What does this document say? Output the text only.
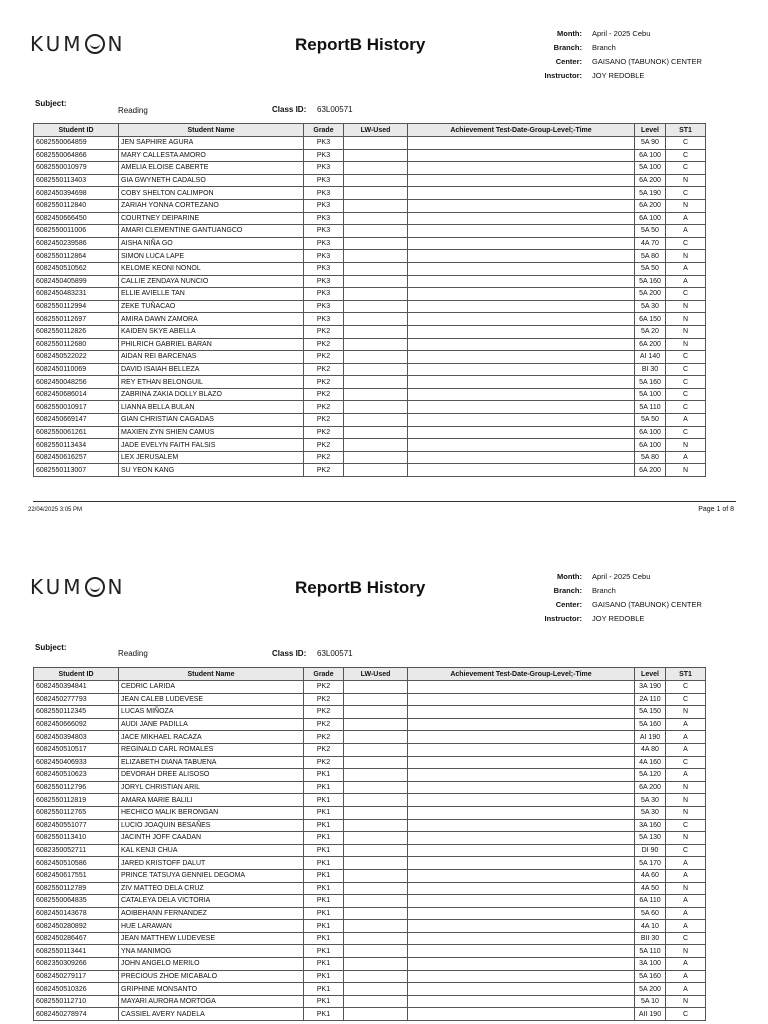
KUM N	ReportB History
Month: April - 2025 Cebu
Branch: Branch
Center: GAISANO (TABUNOK) CENTER
Instructor: JOY REDOBLE
Subject:
Reading	Class ID: 63L00571
Student ID	Student Name	Grade	LW-Used	Achievement Test-Date-Group-Level;-Time	Level	ST1
6082550064859	JEN SAPHIRE AGURA	PK3			5A 90	C
6082550064866	MARY CALLESTA AMORO	PK3			6A 100	C
6082550010979	AMELIA ELOISE CABERTE	PK3			5A 100	C
6082550113403	GIA GWYNETH CADALSO	PK3			6A 200	N
6082450394698	COBY SHELTON CALIMPON	PK3			5A 190	C
6082550112840	ZARIAH YONNA CORTEZANO	PK3			6A 200	N
6082450666450	COURTNEY DEIPARINE	PK3			6A 100	A
6082550011006	AMARI CLEMENTINE GANTUANGCO	PK3			5A 50	A
6082450239586	AISHA NIÑA GO	PK3			4A 70	C
6082550112864	SIMON LUCA LAPE	PK3			5A 80	N
6082450510562	KELOME KEONI NONOL	PK3			5A 50	A
6082450405899	CALLIE ZENDAYA NUNCIO	PK3			5A 160	A
6082450483231	ELLIE AVIELLE TAN	PK3			5A 200	C
6082550112994	ZEKE TUÑACAO	PK3			5A 30	N
6082550112697	AMIRA DAWN ZAMORA	PK3			6A 150	N
6082550112826	KAIDEN SKYE ABELLA	PK2			5A 20	N
6082550112680	PHILRICH GABRIEL BARAN	PK2			6A 200	N
6082450522022	AIDAN REI BARCENAS	PK2			AI 140	C
6082450110069	DAVID ISAIAH BELLEZA	PK2			BI 30	C
6082450048256	REY ETHAN BELONGUIL	PK2			5A 160	C
6082450686014	ZABRINA ZAKIA DOLLY BLAZO	PK2			5A 100	C
6082550010917	LIANNA BELLA BULAN	PK2			5A 110	C
6082450669147	GIAN CHRISTIAN CAGADAS	PK2			5A 50	A
6082550061261	MAXIEN ZYN SHIEN CAMUS	PK2			6A 100	C
6082550113434	JADE EVELYN FAITH FALSIS	PK2			6A 100	N
6082450616257	LEX JERUSALEM	PK2			5A 80	A
6082550113007	SU YEON KANG	PK2			6A 200	N
22/04/2025 3:05 PM	Page 1 of 8
KUM N	ReportB History
Month: April - 2025 Cebu
Branch: Branch
Center: GAISANO (TABUNOK) CENTER
Instructor: JOY REDOBLE
Subject:
Reading	Class ID: 63L00571
Student ID	Student Name	Grade	LW-Used	Achievement Test-Date-Group-Level;-Time	Level	ST1
6082450394841	CEDRIC LARIDA	PK2			3A 190	C
6082450277793	JEAN CALEB LUDEVESE	PK2			2A 110	C
6082550112345	LUCAS MIÑOZA	PK2			5A 150	N
6082450666092	AUDI JANE PADILLA	PK2			5A 160	A
6082450394803	JACE MIKHAEL RACAZA	PK2			AI 190	A
6082450510517	REGINALD CARL ROMALES	PK2			4A 80	A
6082450406933	ELIZABETH DIANA TABUENA	PK2			4A 160	C
6082450510623	DEVORAH DREE ALISOSO	PK1			5A 120	A
6082550112796	JORYL CHRISTIAN ARIL	PK1			6A 200	N
6082550112819	AMARA MARIE BALILI	PK1			5A 30	N
6082550112765	HECHICO MALIK BERONGAN	PK1			5A 30	N
6082450551077	LUCIO JOAQUIN BESAÑES	PK1			3A 160	C
6082550113410	JACINTH JOFF CAADAN	PK1			5A 130	N
6082350052711	KAL KENJI CHUA	PK1			DI 90	C
6082450510586	JARED KRISTOFF DALUT	PK1			5A 170	A
6082450617551	PRINCE TATSUYA GENNIEL DEGOMA	PK1			4A 60	A
6082550112789	ZIV MATTEO DELA CRUZ	PK1			4A 50	N
6082550064835	CATALEYA DELA VICTORIA	PK1			6A 110	A
6082450143678	AOIBEHANN FERNANDEZ	PK1			5A 60	A
6082450280892	HUE LARAWAN	PK1			4A 10	A
6082450286467	JEAN MATTHEW LUDEVESE	PK1			BII 30	C
6082550113441	YNA MANIMOG	PK1			5A 110	N
6082350309266	JOHN ANGELO MERILO	PK1			3A 100	A
6082450279117	PRECIOUS ZHOE MICABALO	PK1			5A 160	A
6082450510326	GRIPHINE MONSANTO	PK1			5A 200	A
6082550112710	MAYARI AURORA MORTOGA	PK1			5A 10	N
6082450278974	CASSIEL AVERY NADELA	PK1			AII 190	C
